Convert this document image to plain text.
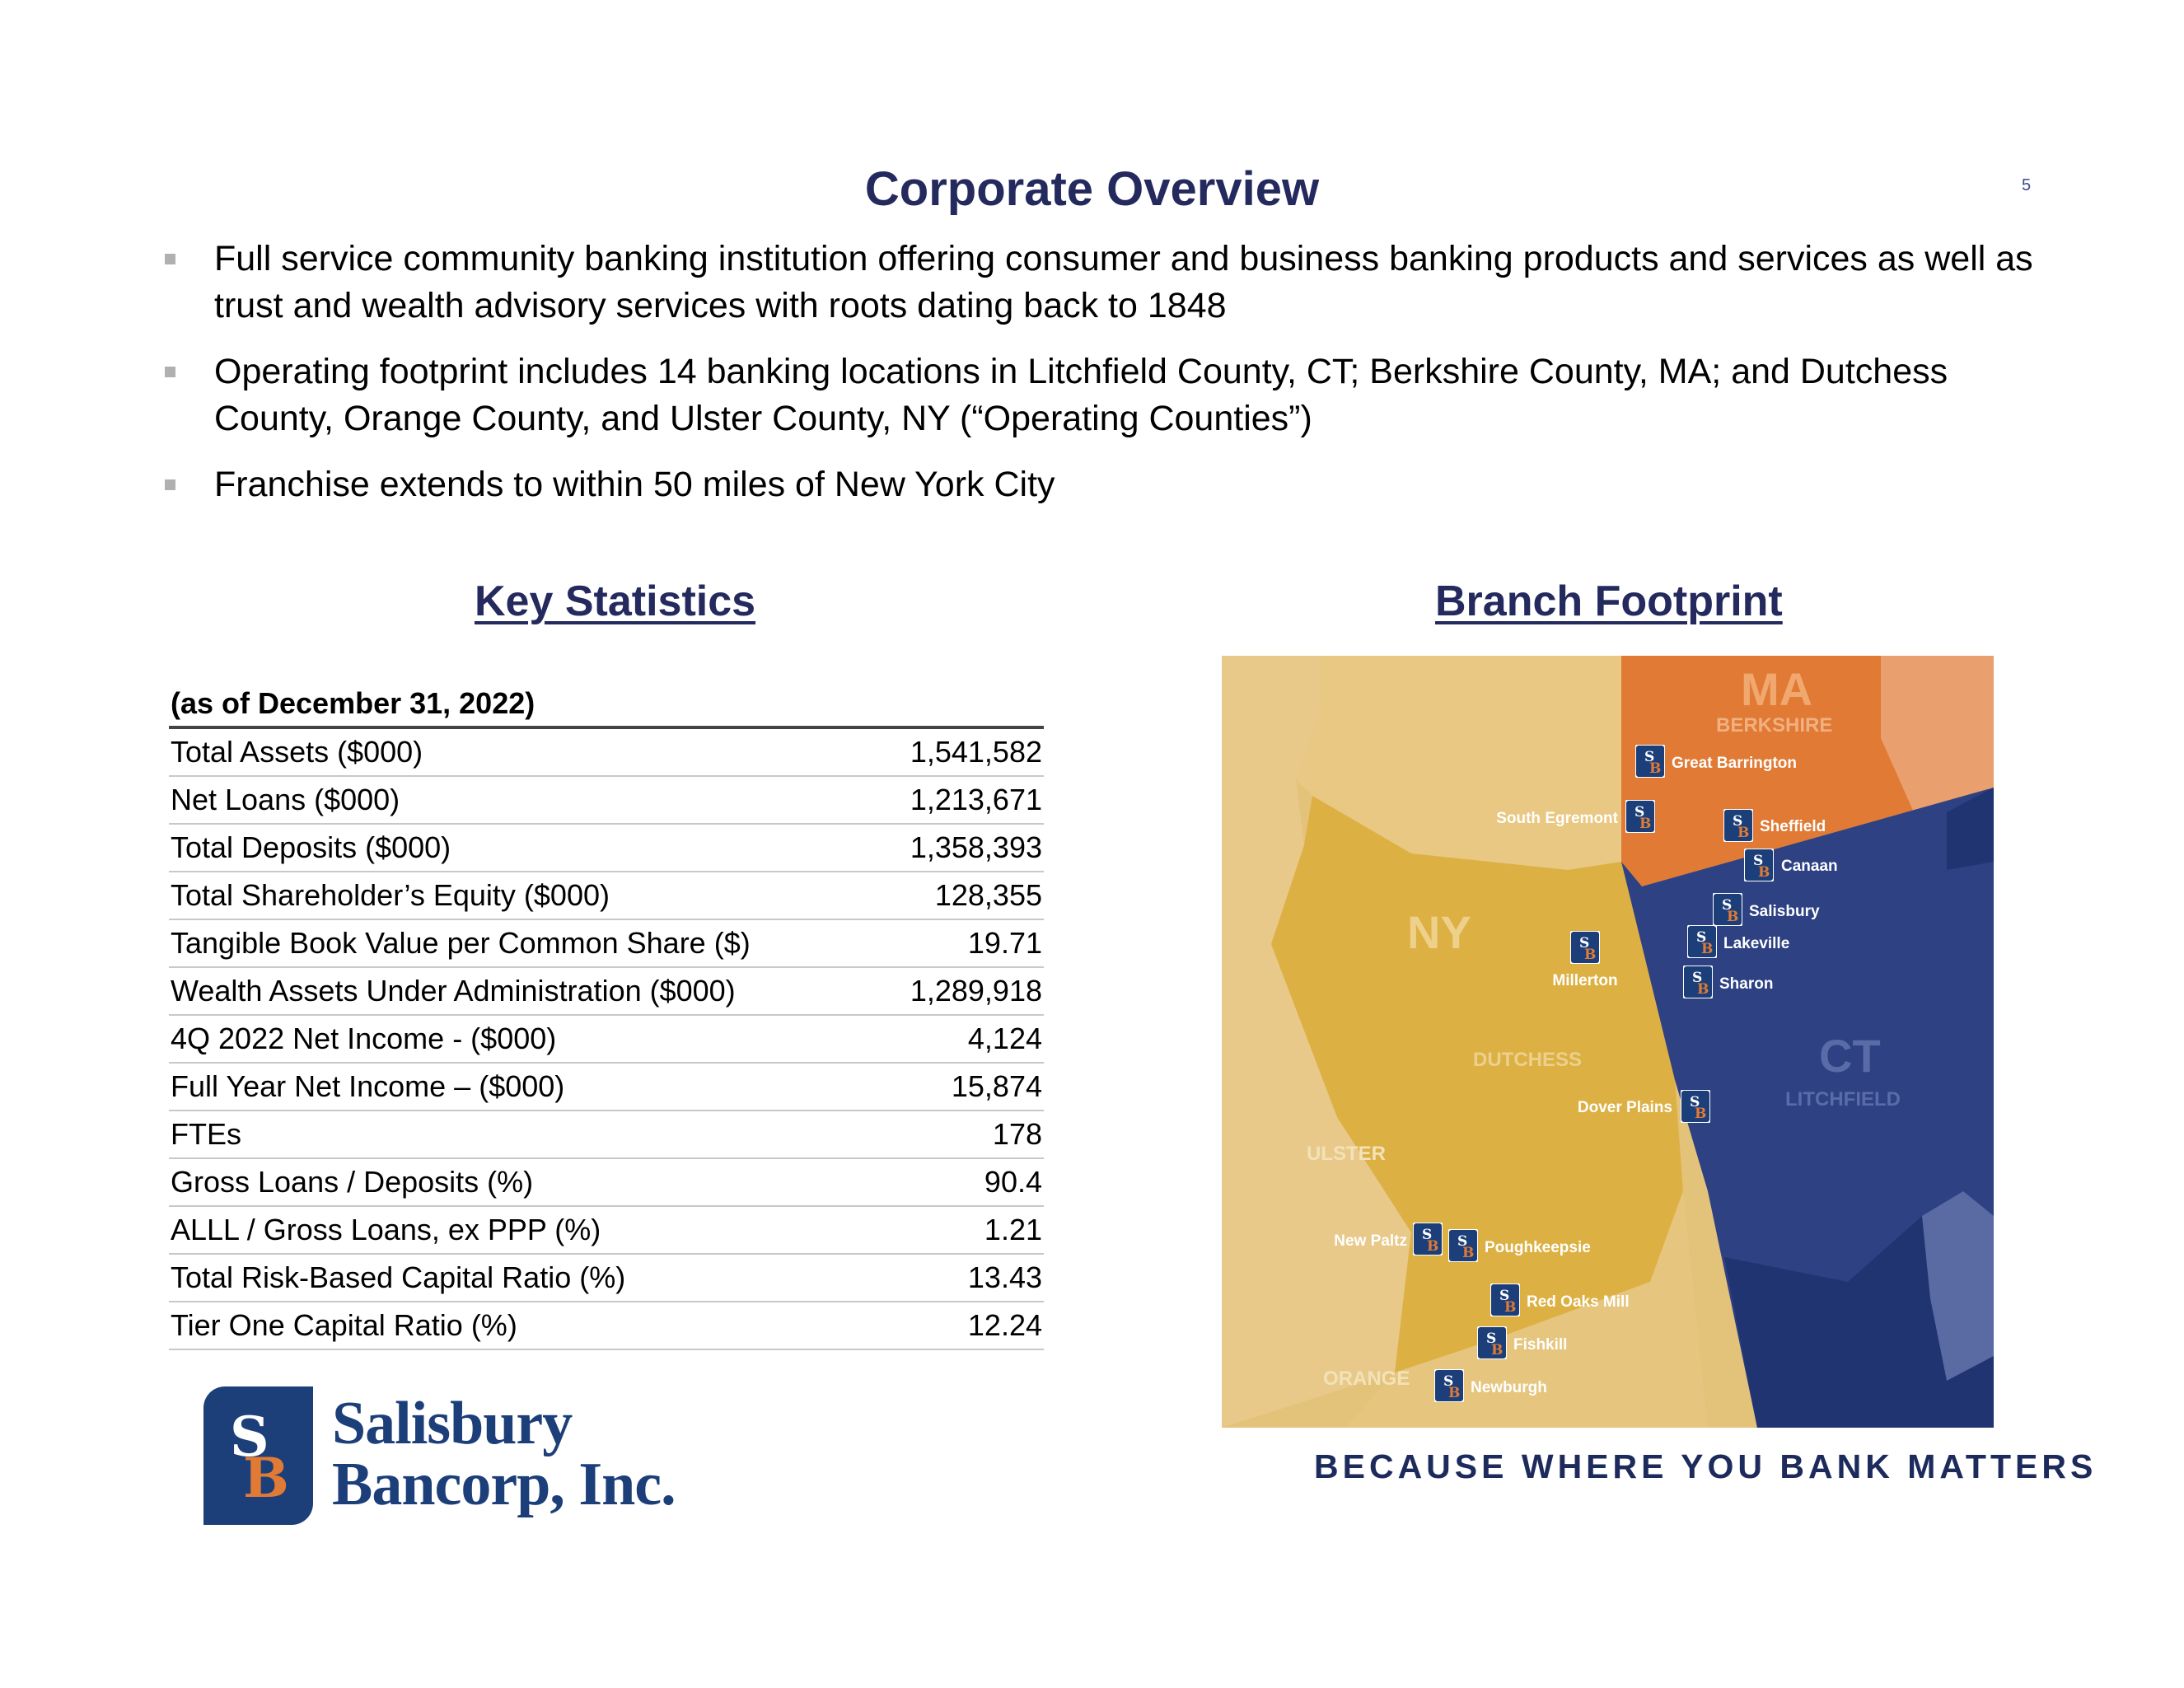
Corporate Overview	5
Full service community banking institution offering consumer and business banking products and services as well as trust and wealth advisory services with roots dating back to 1848
Operating footprint includes 14 banking locations in Litchfield County, CT; Berkshire County, MA; and Dutchess County, Orange County, and Ulster County, NY (“Operating Counties”)
Franchise extends to within 50 miles of New York City
Key Statistics	Branch Footprint
(as of December 31, 2022)
Total Assets ($000)	1,541,582
Net Loans ($000)	1,213,671
Total Deposits ($000)	1,358,393
Total Shareholder’s Equity ($000)	128,355
Tangible Book Value per Common Share ($)	19.71
Wealth Assets Under Administration ($000)	1,289,918
4Q 2022 Net Income - ($000)	4,124
Full Year Net Income – ($000)	15,874
FTEs	178
Gross Loans / Deposits (%)	90.4
ALLL / Gross Loans, ex PPP (%)	1.21
Total Risk-Based Capital Ratio (%)	13.43
Tier One Capital Ratio (%)	12.24
MA
NY
CT
BERKSHIRE
DUTCHESS
ULSTER
ORANGE
LITCHFIELD
Great Barrington
South Egremont	Sheffield
Canaan
Salisbury
Lakeville
Sharon
Millerton
Dover Plains
New Paltz	Poughkeepsie
Red Oaks Mill
Fishkill
Newburgh
BECAUSE WHERE YOU BANK MATTERS
S
B
Salisbury
Bancorp, Inc.
